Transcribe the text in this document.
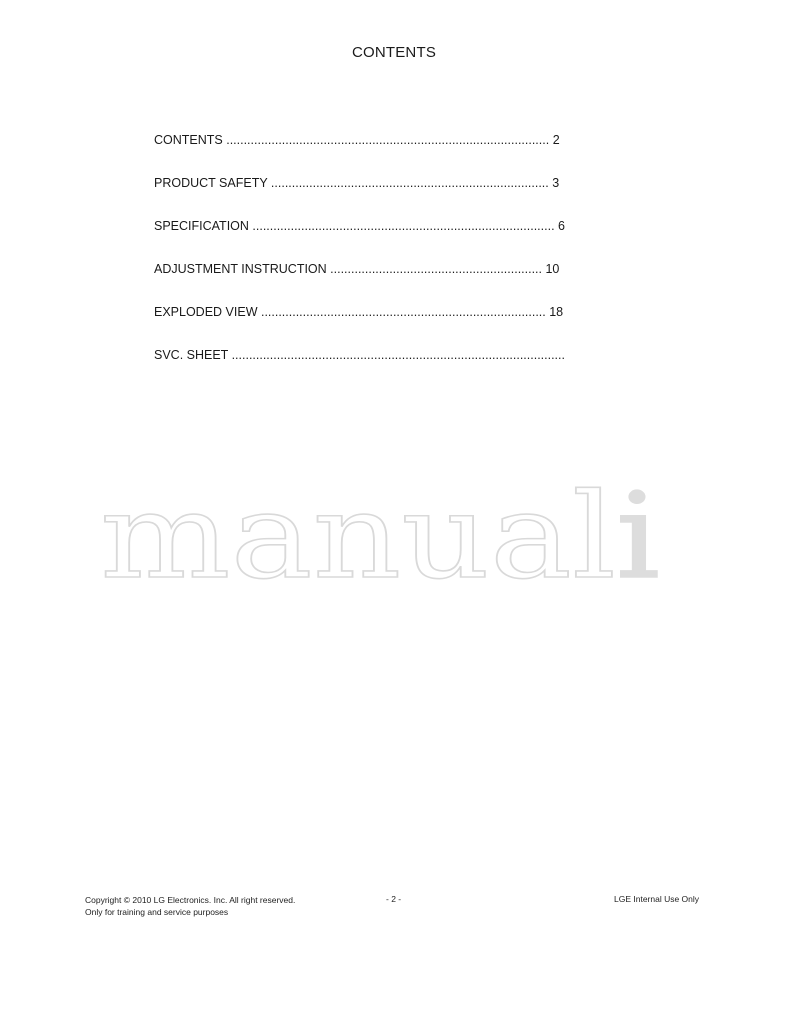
CONTENTS
CONTENTS ............................................................................................. 2
PRODUCT SAFETY ................................................................................ 3
SPECIFICATION ....................................................................................... 6
ADJUSTMENT INSTRUCTION ............................................................. 10
EXPLODED VIEW .................................................................................. 18
SVC. SHEET ................................................................................................
manual i
Copyright © 2010 LG Electronics. Inc. All right reserved.
Only for training and service purposes
- 2 -	LGE Internal Use Only
